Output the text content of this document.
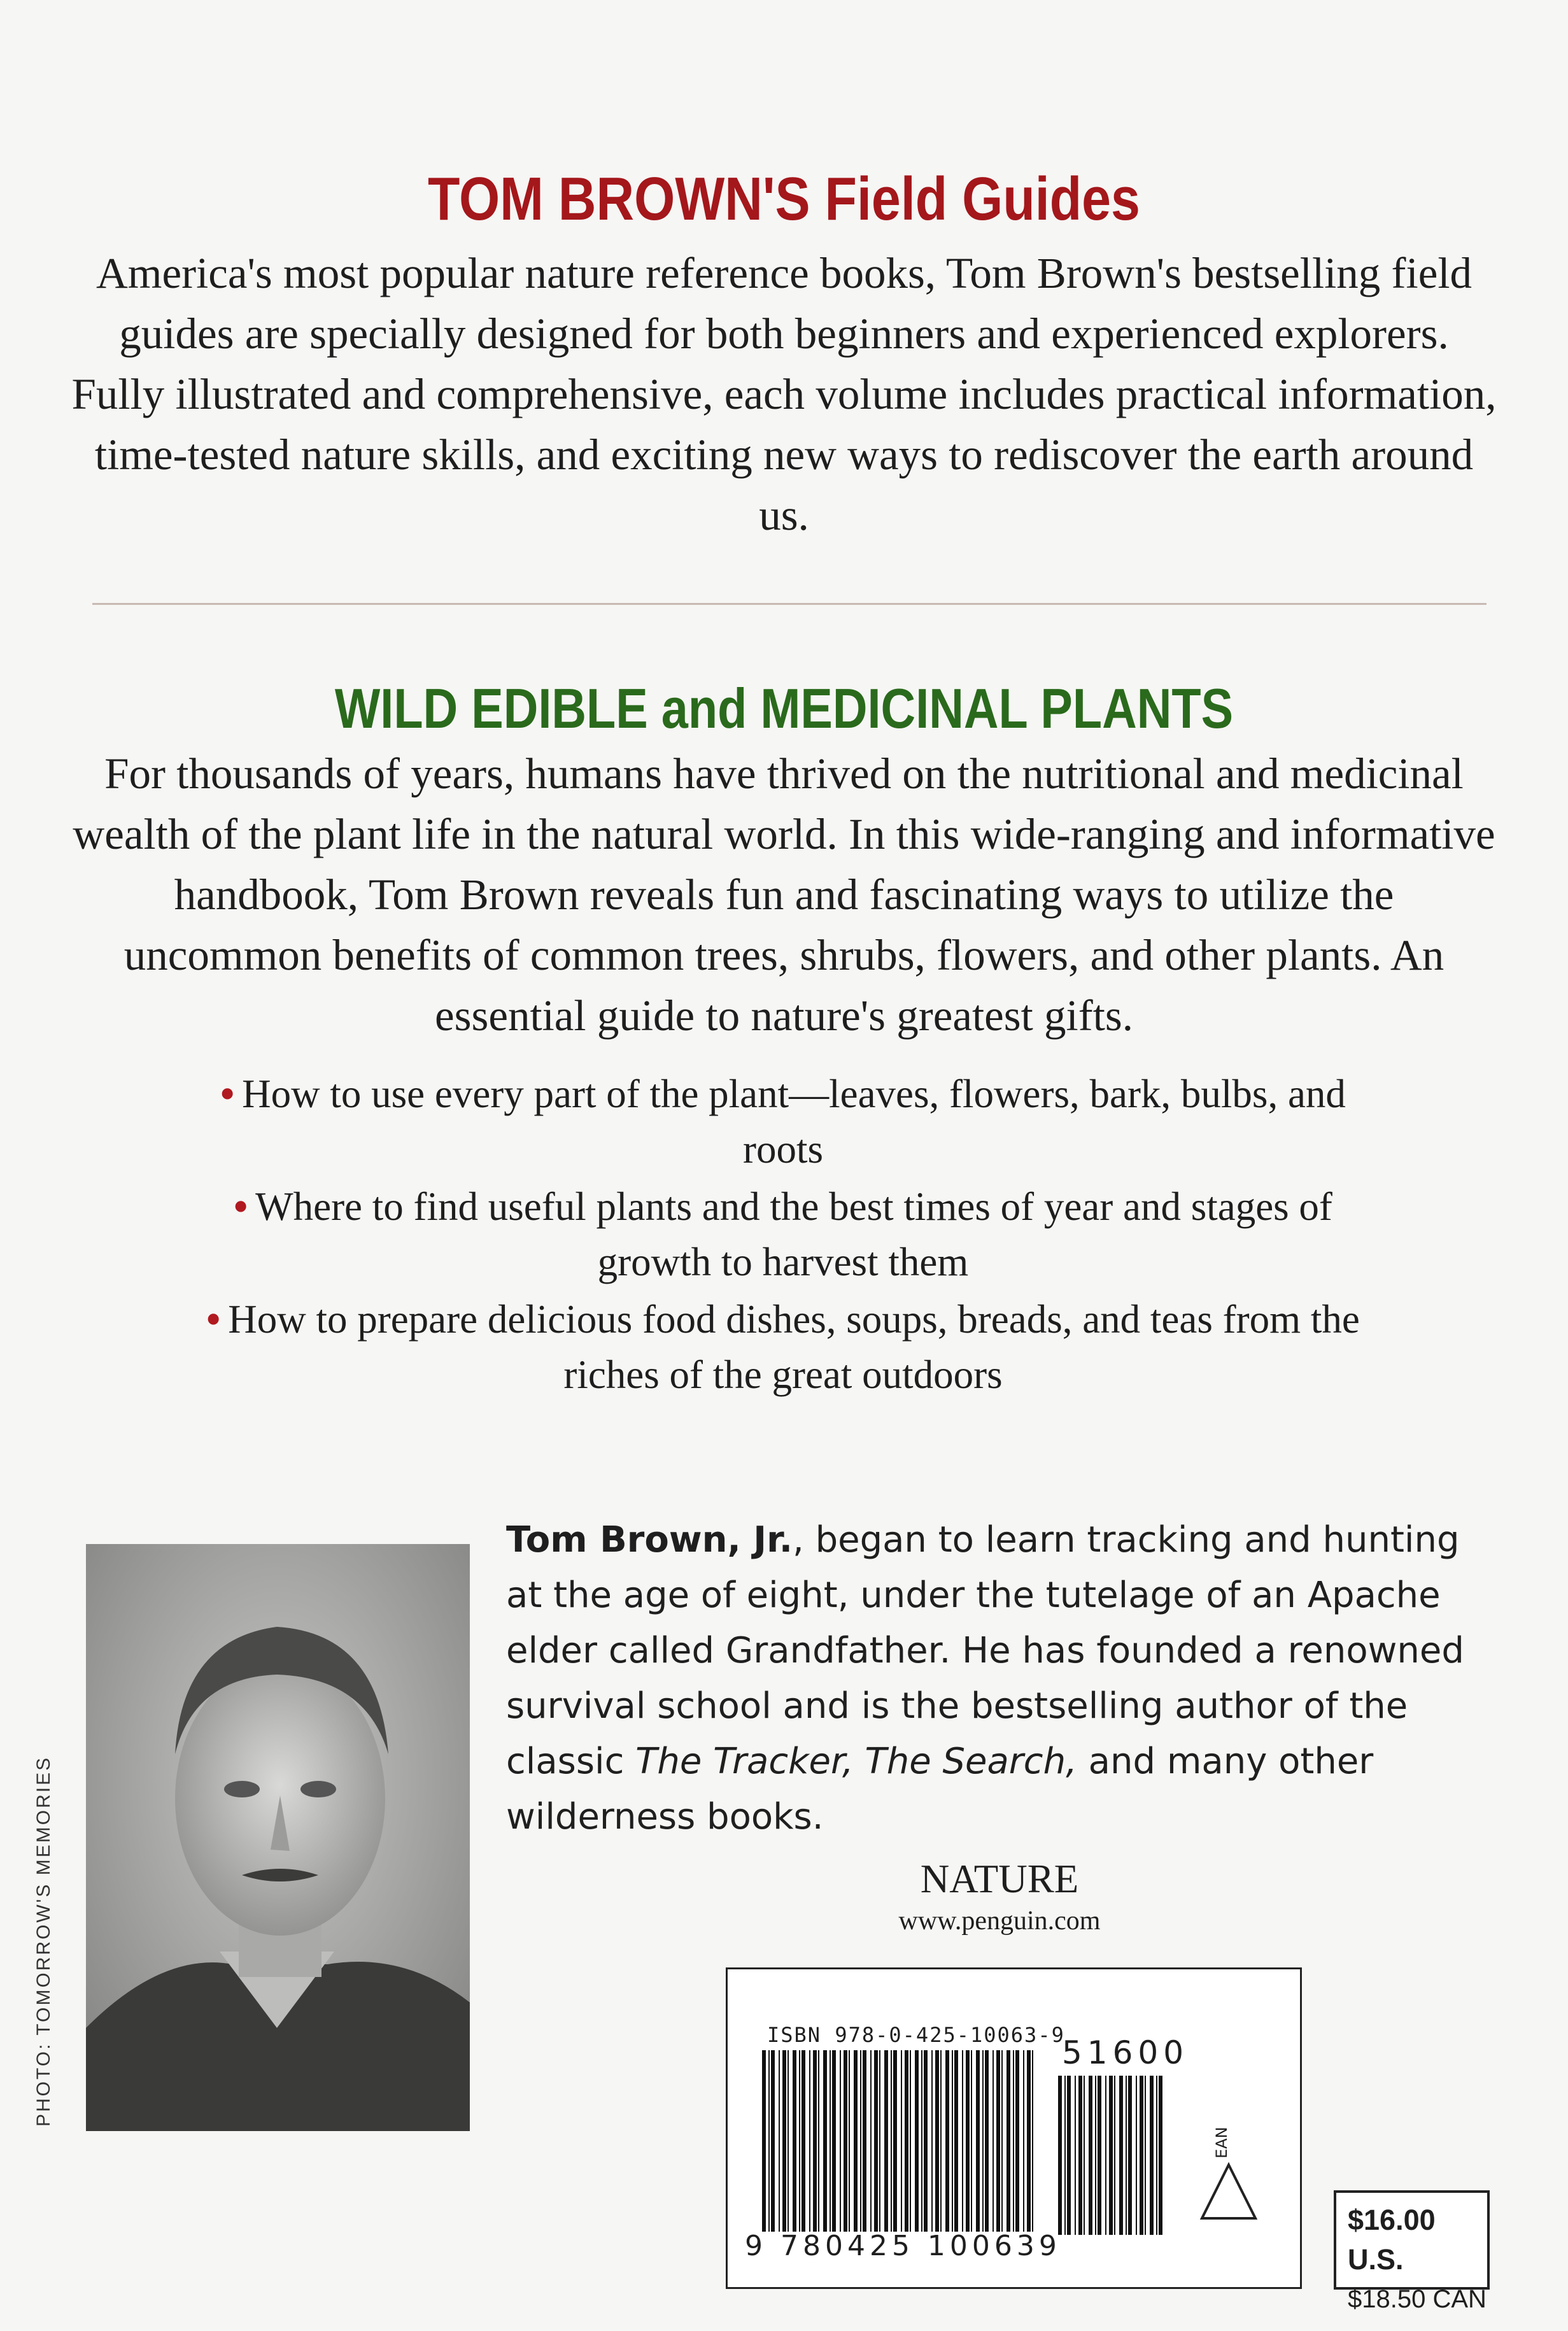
TOM BROWN'S Field Guides
America's most popular nature reference books, Tom Brown's bestselling field guides are specially designed for both beginners and experienced explorers. Fully illustrated and comprehensive, each volume includes practical information, time-tested nature skills, and exciting new ways to rediscover the earth around us.
WILD EDIBLE and MEDICINAL PLANTS
For thousands of years, humans have thrived on the nutritional and medicinal wealth of the plant life in the natural world. In this wide-ranging and informative handbook, Tom Brown reveals fun and fascinating ways to utilize the uncommon benefits of common trees, shrubs, flowers, and other plants. An essential guide to nature's greatest gifts.
• How to use every part of the plant—leaves, flowers, bark, bulbs, and roots
• Where to find useful plants and the best times of year and stages of growth to harvest them
• How to prepare delicious food dishes, soups, breads, and teas from the riches of the great outdoors
PHOTO: TOMORROW'S MEMORIES
Tom Brown, Jr., began to learn tracking and hunting at the age of eight, under the tutelage of an Apache elder called Grandfather. He has founded a renowned survival school and is the bestselling author of the classic The Tracker, The Search, and many other wilderness books.
NATURE
www.penguin.com
ISBN 978-0-425-10063-9
51600
9 780425 100639
EAN
$16.00 U.S.
$18.50 CAN
